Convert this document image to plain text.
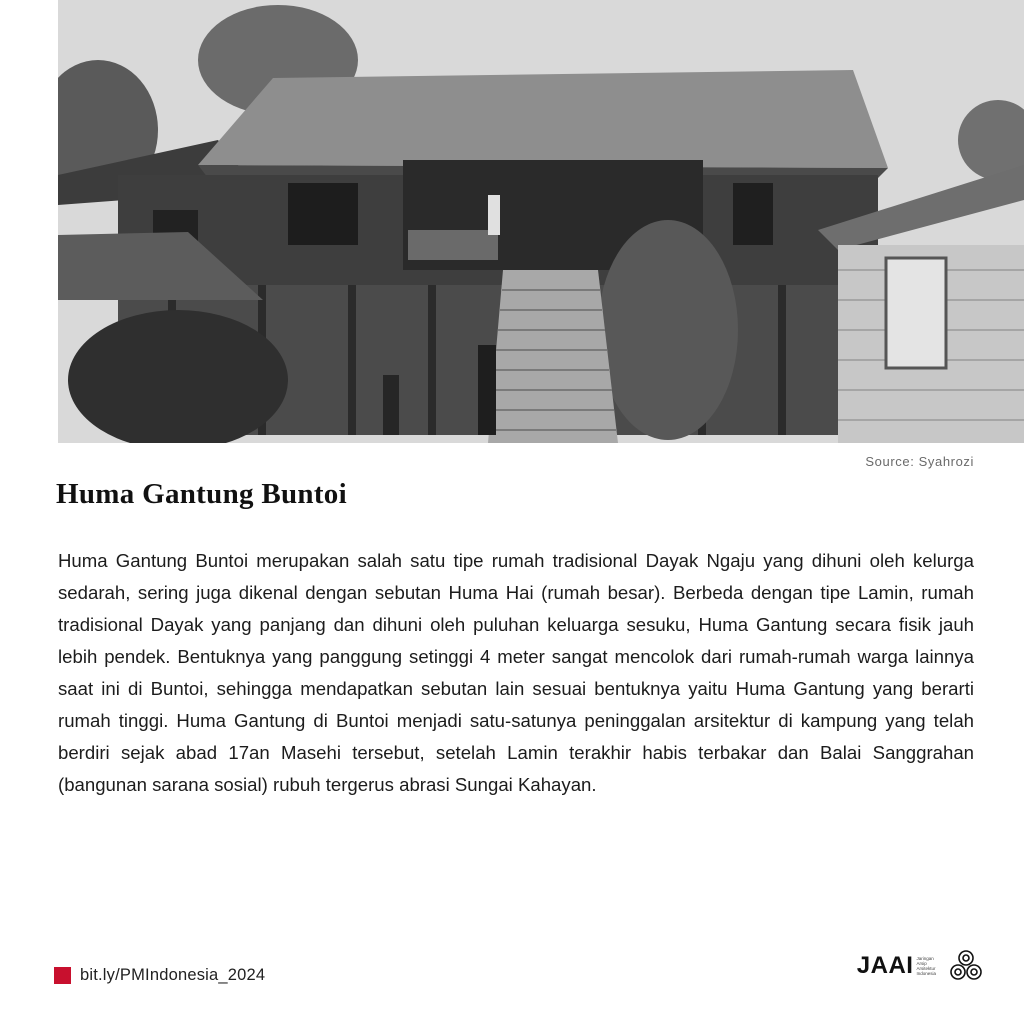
Source: Syahrozi
Huma Gantung Buntoi

Huma Gantung Buntoi merupakan salah satu tipe rumah tradisional Dayak Ngaju yang dihuni oleh kelurga sedarah, sering juga dikenal dengan sebutan Huma Hai (rumah besar). Berbeda dengan tipe Lamin, rumah tradisional Dayak yang panjang dan dihuni oleh puluhan keluarga sesuku, Huma Gantung secara fisik jauh lebih pendek. Bentuknya yang panggung setinggi 4 meter sangat mencolok dari rumah-rumah warga lainnya saat ini di Buntoi, sehingga mendapatkan sebutan lain sesuai bentuknya yaitu Huma Gantung yang berarti rumah tinggi. Huma Gantung di Buntoi menjadi satu-satunya peninggalan arsitektur di kampung yang telah berdiri sejak abad 17an Masehi tersebut, setelah Lamin terakhir habis terbakar dan Balai Sanggrahan (bangunan sarana sosial) rubuh tergerus abrasi Sungai Kahayan.

bit.ly/PMIndonesia_2024	JAAI Jaringan
Arsip
Arsitektur
Indonesia
